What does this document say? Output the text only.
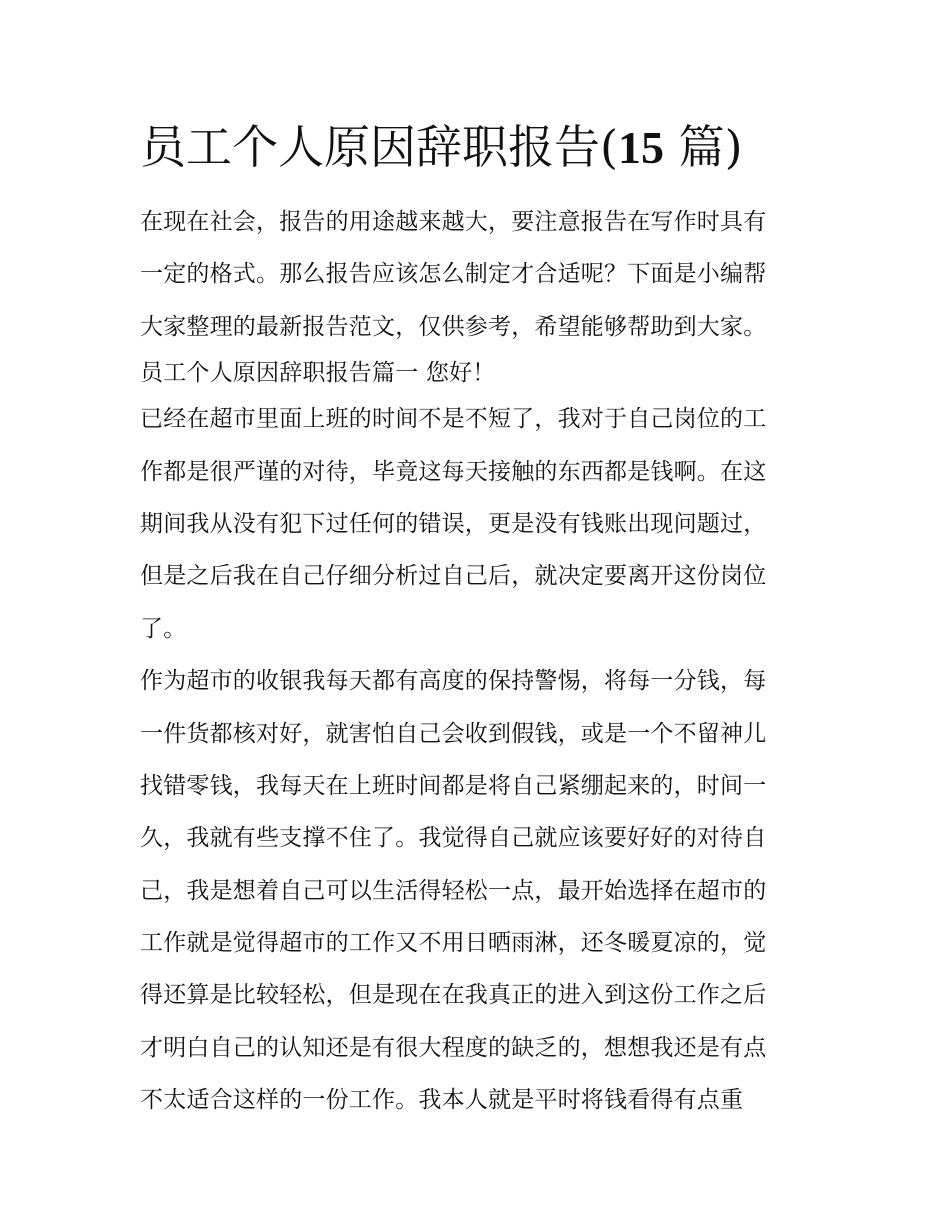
员工个人原因辞职报告(15 篇)
在现在社会，报告的用途越来越大，要注意报告在写作时具有
一定的格式。那么报告应该怎么制定才合适呢？下面是小编帮
大家整理的最新报告范文，仅供参考，希望能够帮助到大家。
员工个人原因辞职报告篇一 您好！
已经在超市里面上班的时间不是不短了，我对于自己岗位的工
作都是很严谨的对待，毕竟这每天接触的东西都是钱啊。在这
期间我从没有犯下过任何的错误，更是没有钱账出现问题过，
但是之后我在自己仔细分析过自己后，就决定要离开这份岗位
了。
作为超市的收银我每天都有高度的保持警惕，将每一分钱，每
一件货都核对好，就害怕自己会收到假钱，或是一个不留神儿
找错零钱，我每天在上班时间都是将自己紧绷起来的，时间一
久，我就有些支撑不住了。我觉得自己就应该要好好的对待自
己，我是想着自己可以生活得轻松一点，最开始选择在超市的
工作就是觉得超市的工作又不用日晒雨淋，还冬暖夏凉的，觉
得还算是比较轻松，但是现在在我真正的进入到这份工作之后
才明白自己的认知还是有很大程度的缺乏的，想想我还是有点
不太适合这样的一份工作。我本人就是平时将钱看得有点重
